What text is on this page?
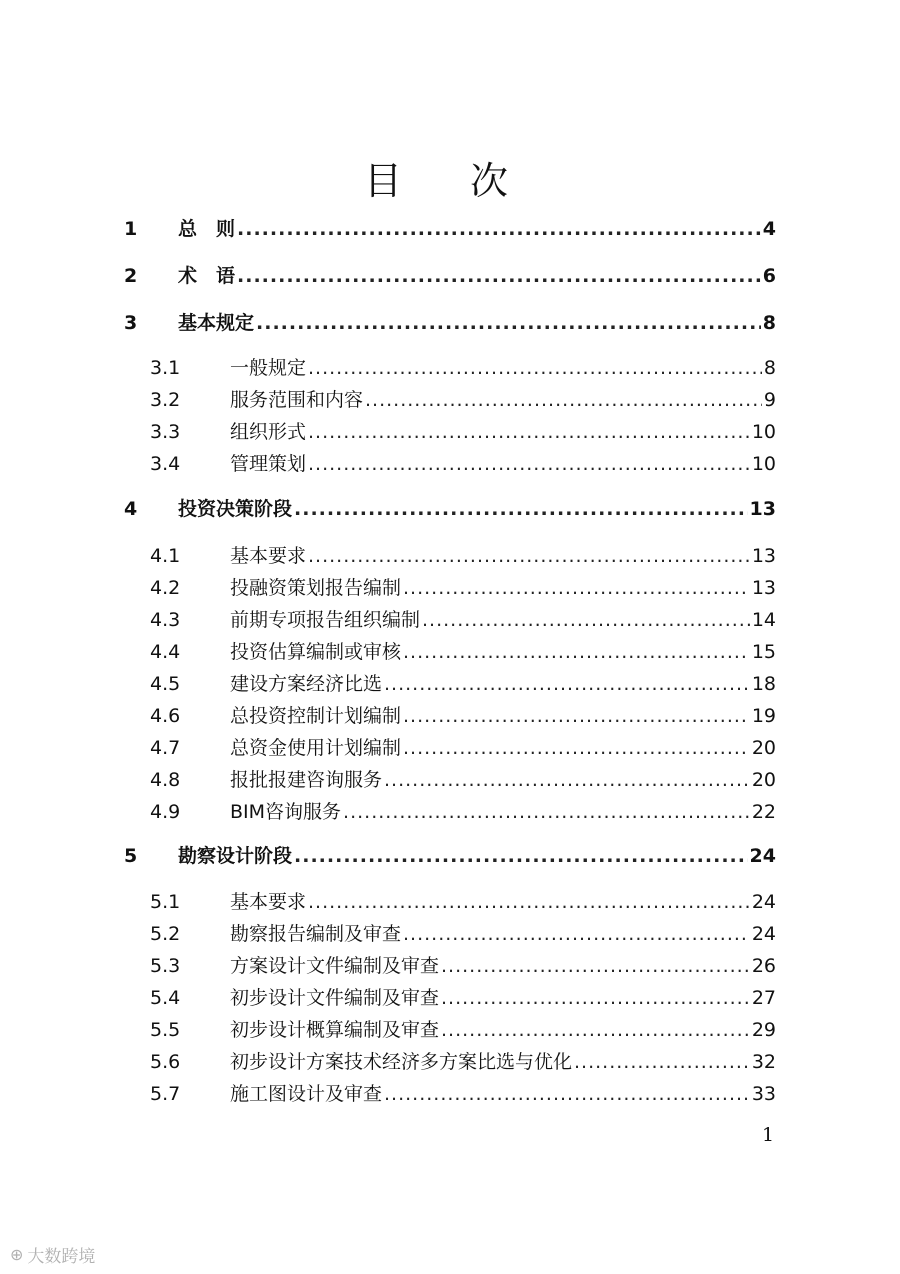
目 次
1 总　则 .....	4
2 术　语 .....	6
3 基本规定 .....	8
3.1	一般规定 .....	8
3.2	服务范围和内容 .....	9
3.3	组织形式 .....	10
3.4	管理策划 .....	10
4 投资决策阶段 .....	13
4.1	基本要求 .....	13
4.2	投融资策划报告编制 .....	13
4.3	前期专项报告组织编制 .....	14
4.4	投资估算编制或审核 .....	15
4.5	建设方案经济比选 .....	18
4.6	总投资控制计划编制 .....	19
4.7	总资金使用计划编制 .....	20
4.8	报批报建咨询服务 .....	20
4.9	BIM咨询服务 .....	22
5 勘察设计阶段 .....	24
5.1	基本要求 .....	24
5.2	勘察报告编制及审查 .....	24
5.3	方案设计文件编制及审查 .....	26
5.4	初步设计文件编制及审查 .....	27
5.5	初步设计概算编制及审查 .....	29
5.6	初步设计方案技术经济多方案比选与优化 .....	32
5.7	施工图设计及审查 .....	33
1
⊕ 大数跨境
